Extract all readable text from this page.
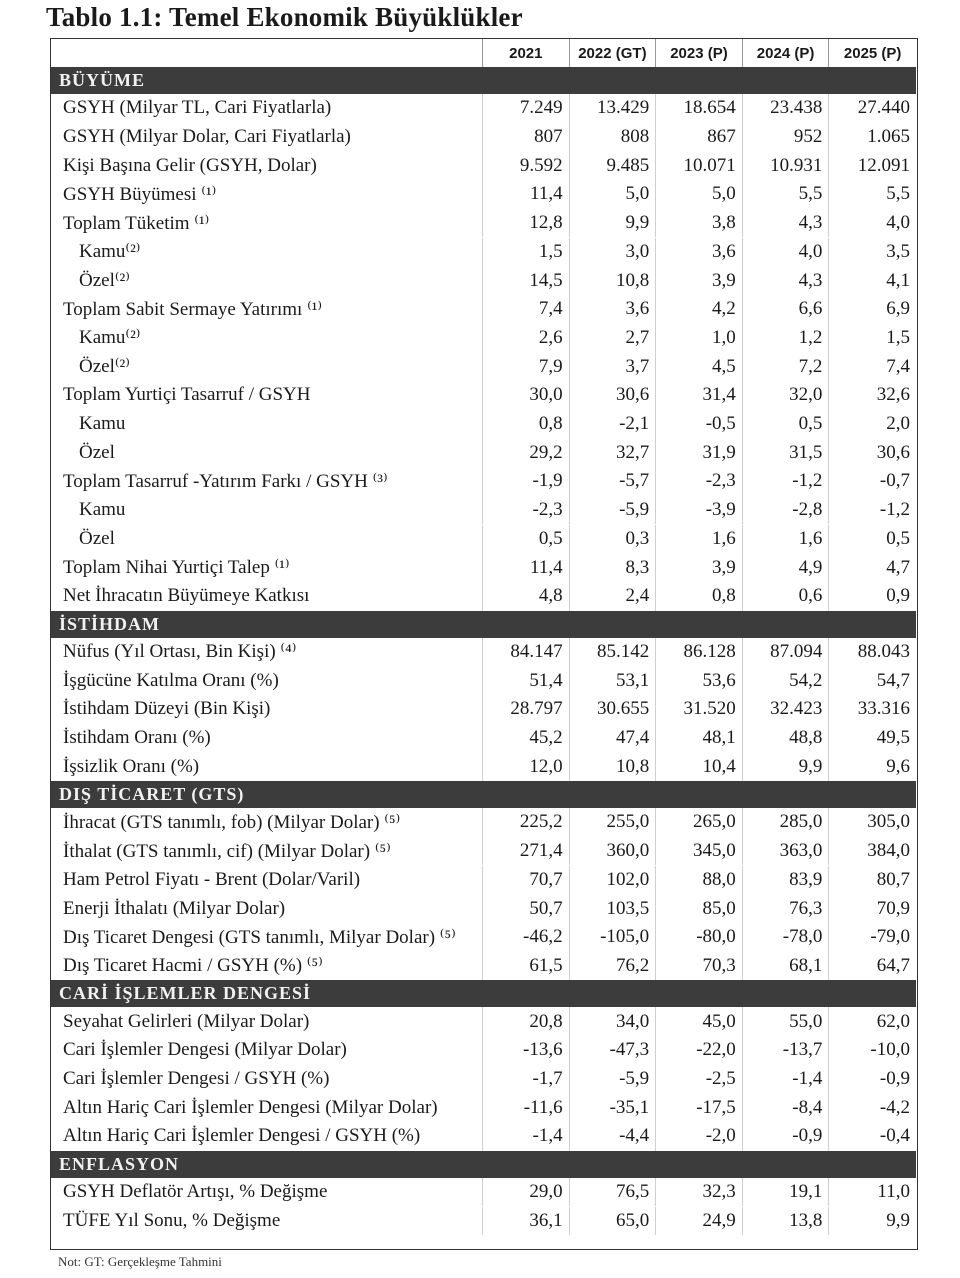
Tablo 1.1: Temel Ekonomik Büyüklükler
2021	2022 (GT)	2023 (P)	2024 (P)	2025 (P)
BÜYÜME
GSYH (Milyar TL, Cari Fiyatlarla)	7.249	13.429	18.654	23.438	27.440
GSYH (Milyar Dolar, Cari Fiyatlarla)	807	808	867	952	1.065
Kişi Başına Gelir (GSYH, Dolar)	9.592	9.485	10.071	10.931	12.091
GSYH Büyümesi ⁽¹⁾	11,4	5,0	5,0	5,5	5,5
Toplam Tüketim ⁽¹⁾	12,8	9,9	3,8	4,3	4,0
Kamu⁽²⁾	1,5	3,0	3,6	4,0	3,5
Özel⁽²⁾	14,5	10,8	3,9	4,3	4,1
Toplam Sabit Sermaye Yatırımı ⁽¹⁾	7,4	3,6	4,2	6,6	6,9
Kamu⁽²⁾	2,6	2,7	1,0	1,2	1,5
Özel⁽²⁾	7,9	3,7	4,5	7,2	7,4
Toplam Yurtiçi Tasarruf / GSYH	30,0	30,6	31,4	32,0	32,6
Kamu	0,8	-2,1	-0,5	0,5	2,0
Özel	29,2	32,7	31,9	31,5	30,6
Toplam Tasarruf -Yatırım Farkı / GSYH ⁽³⁾	-1,9	-5,7	-2,3	-1,2	-0,7
Kamu	-2,3	-5,9	-3,9	-2,8	-1,2
Özel	0,5	0,3	1,6	1,6	0,5
Toplam Nihai Yurtiçi Talep ⁽¹⁾	11,4	8,3	3,9	4,9	4,7
Net İhracatın Büyümeye Katkısı	4,8	2,4	0,8	0,6	0,9
İSTİHDAM
Nüfus (Yıl Ortası, Bin Kişi) ⁽⁴⁾	84.147	85.142	86.128	87.094	88.043
İşgücüne Katılma Oranı (%)	51,4	53,1	53,6	54,2	54,7
İstihdam Düzeyi (Bin Kişi)	28.797	30.655	31.520	32.423	33.316
İstihdam Oranı (%)	45,2	47,4	48,1	48,8	49,5
İşsizlik Oranı (%)	12,0	10,8	10,4	9,9	9,6
DIŞ TİCARET (GTS)
İhracat (GTS tanımlı, fob) (Milyar Dolar) ⁽⁵⁾	225,2	255,0	265,0	285,0	305,0
İthalat (GTS tanımlı, cif) (Milyar Dolar) ⁽⁵⁾	271,4	360,0	345,0	363,0	384,0
Ham Petrol Fiyatı - Brent (Dolar/Varil)	70,7	102,0	88,0	83,9	80,7
Enerji İthalatı (Milyar Dolar)	50,7	103,5	85,0	76,3	70,9
Dış Ticaret Dengesi (GTS tanımlı, Milyar Dolar) ⁽⁵⁾	-46,2	-105,0	-80,0	-78,0	-79,0
Dış Ticaret Hacmi / GSYH (%) ⁽⁵⁾	61,5	76,2	70,3	68,1	64,7
CARİ İŞLEMLER DENGESİ
Seyahat Gelirleri (Milyar Dolar)	20,8	34,0	45,0	55,0	62,0
Cari İşlemler Dengesi (Milyar Dolar)	-13,6	-47,3	-22,0	-13,7	-10,0
Cari İşlemler Dengesi / GSYH (%)	-1,7	-5,9	-2,5	-1,4	-0,9
Altın Hariç Cari İşlemler Dengesi (Milyar Dolar)	-11,6	-35,1	-17,5	-8,4	-4,2
Altın Hariç Cari İşlemler Dengesi / GSYH (%)	-1,4	-4,4	-2,0	-0,9	-0,4
ENFLASYON
GSYH Deflatör Artışı, % Değişme	29,0	76,5	32,3	19,1	11,0
TÜFE Yıl Sonu, % Değişme	36,1	65,0	24,9	13,8	9,9
Not: GT: Gerçekleşme Tahmini
